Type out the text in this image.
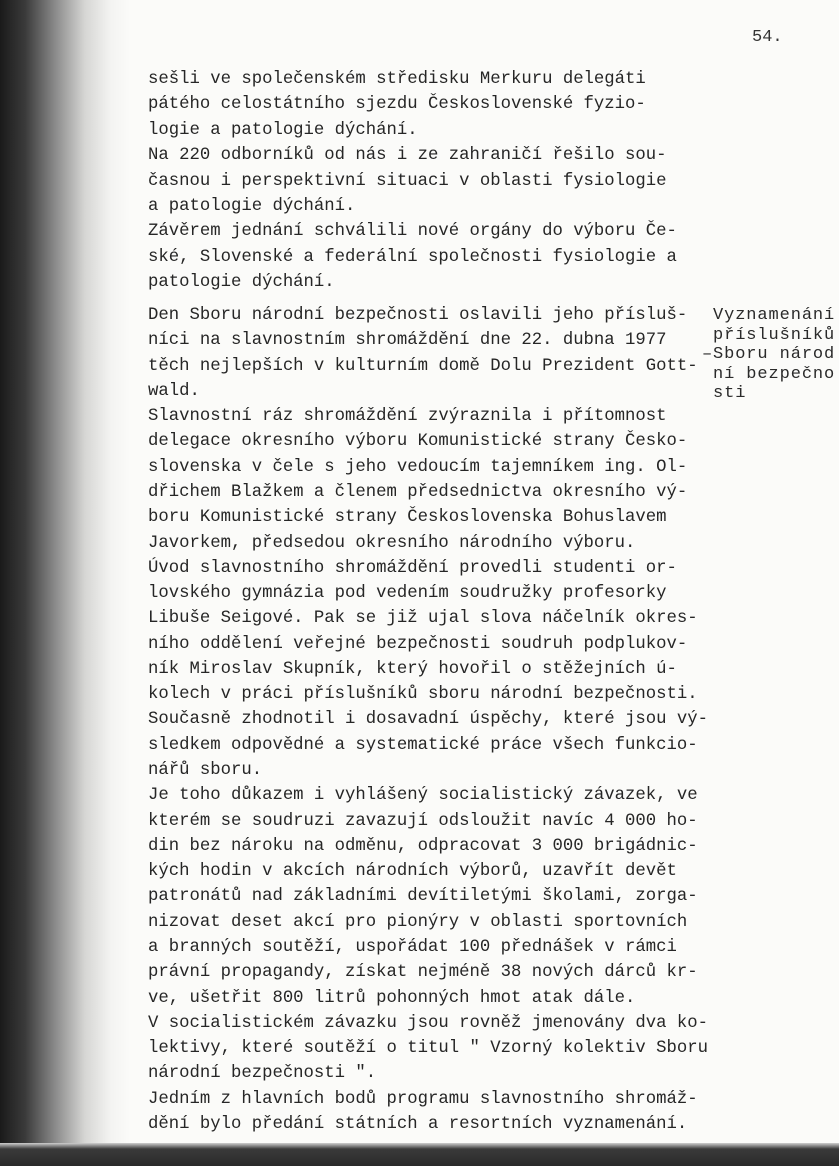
54.
sešli ve společenském středisku Merkuru delegáti
pátého celostátního sjezdu Československé fyzio-
logie a patologie dýchání.
Na 220 odborníků od nás i ze zahraničí řešilo sou-
časnou i perspektivní situaci v oblasti fysiologie
a patologie dýchání.
Závěrem jednání schválili nové orgány do výboru Če-
ské, Slovenské a federální společnosti fysiologie a
patologie dýchání.
Den Sboru národní bezpečnosti oslavili jeho přísluš-
níci na slavnostním shromáždění dne 22. dubna 1977
těch nejlepších v kulturním domě Dolu Prezident Gott-
wald.
Slavnostní ráz shromáždění zvýraznila i přítomnost
delegace okresního výboru Komunistické strany Česko-
slovenska v čele s jeho vedoucím tajemníkem ing. Ol-
dřichem Blažkem a členem předsednictva okresního vý-
boru Komunistické strany Československa Bohuslavem
Javorkem, předsedou okresního národního výboru.
Úvod slavnostního shromáždění provedli studenti or-
lovského gymnázia pod vedením soudružky profesorky
Libuše Seigové. Pak se již ujal slova náčelník okres-
ního oddělení veřejné bezpečnosti soudruh podplukov-
ník Miroslav Skupník, který hovořil o stěžejních ú-
kolech v práci příslušníků sboru národní bezpečnosti.
Současně zhodnotil i dosavadní úspěchy, které jsou vý-
sledkem odpovědné a systematické práce všech funkcio-
nářů sboru.
Je toho důkazem i vyhlášený socialistický závazek, ve
kterém se soudruzi zavazují odsloužit navíc 4 000 ho-
din bez nároku na odměnu, odpracovat 3 000 brigádnic-
kých hodin v akcích národních výborů, uzavřít devět
patronátů nad základními devítiletými školami, zorga-
nizovat deset akcí pro pionýry v oblasti sportovních
a branných soutěží, uspořádat 100 přednášek v rámci
právní propagandy, získat nejméně 38 nových dárců kr-
ve, ušetřit 800 litrů pohonných hmot atak dále.
V socialistickém závazku jsou rovněž jmenovány dva ko-
lektivy, které soutěží o titul " Vzorný kolektiv Sboru
národní bezpečnosti ".
Jedním z hlavních bodů programu slavnostního shromáž-
dění bylo předání státních a resortních vyznamenání.
Vyznamenání
příslušníků
Sboru národ
ní bezpečno
sti
–
